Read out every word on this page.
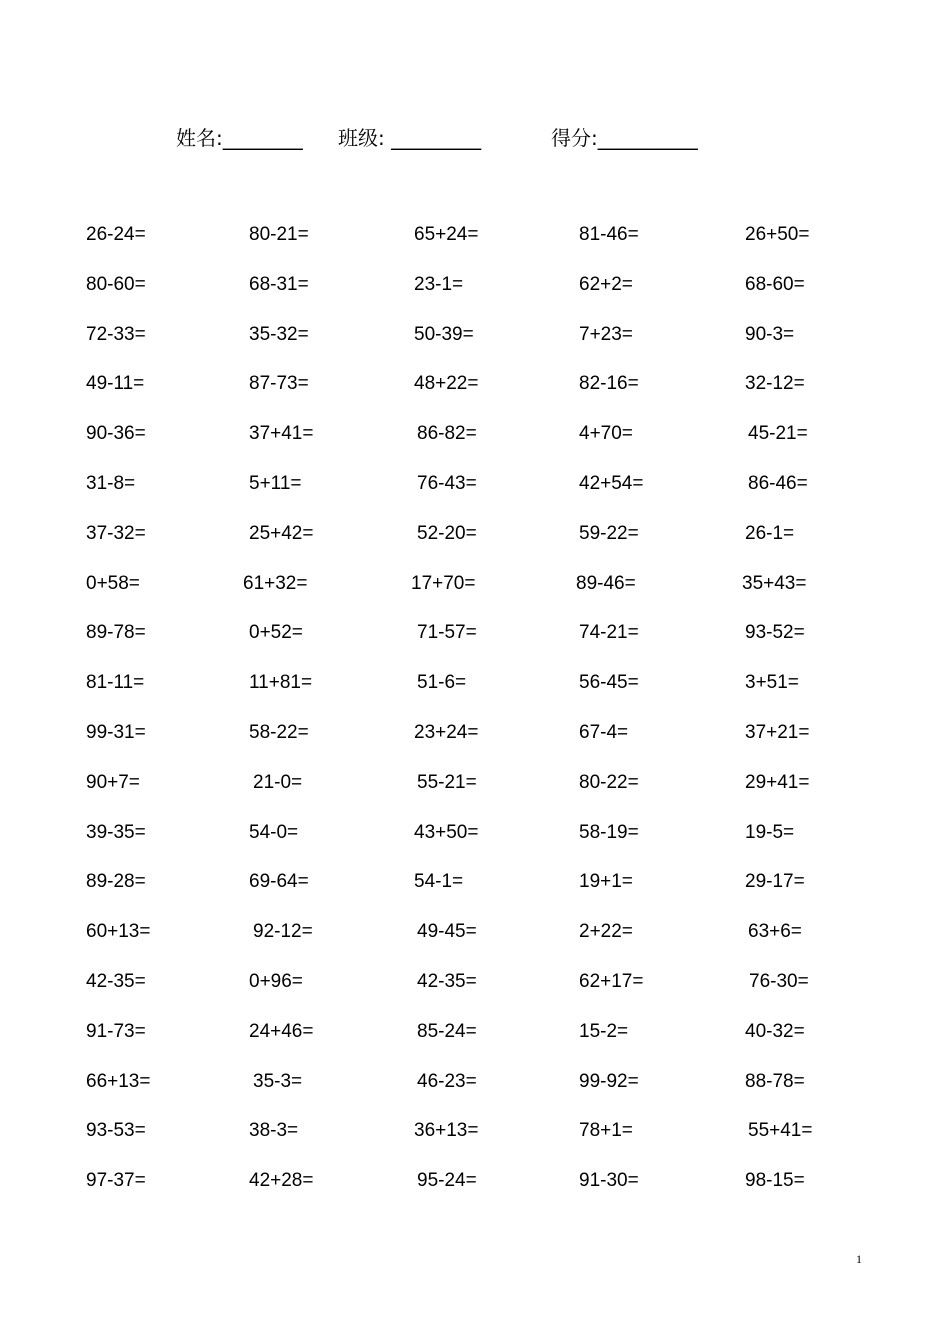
姓名:________ 班级: _________	得分:__________
26-24=	80-21=	65+24=	81-46=	26+50=
80-60=	68-31=	23-1=	62+2=	68-60=
72-33=	35-32=	50-39=	7+23=	90-3=
49-11=	87-73=	48+22=	82-16=	32-12=
90-36=	37+41=	86-82=	4+70=	45-21=
31-8=	5+11=	76-43=	42+54=	86-46=
37-32=	25+42=	52-20=	59-22=	26-1=
0+58=	61+32=	17+70=	89-46=	35+43=
89-78=	0+52=	71-57=	74-21=	93-52=
81-11=	11+81=	51-6=	56-45=	3+51=
99-31=	58-22=	23+24=	67-4=	37+21=
90+7=	21-0=	55-21=	80-22=	29+41=
39-35=	54-0=	43+50=	58-19=	19-5=
89-28=	69-64=	54-1=	19+1=	29-17=
60+13=	92-12=	49-45=	2+22=	63+6=
42-35=	0+96=	42-35=	62+17=	76-30=
91-73=	24+46=	85-24=	15-2=	40-32=
66+13=	35-3=	46-23=	99-92=	88-78=
93-53=	38-3=	36+13=	78+1=	55+41=
97-37=	42+28=	95-24=	91-30=	98-15=
1
